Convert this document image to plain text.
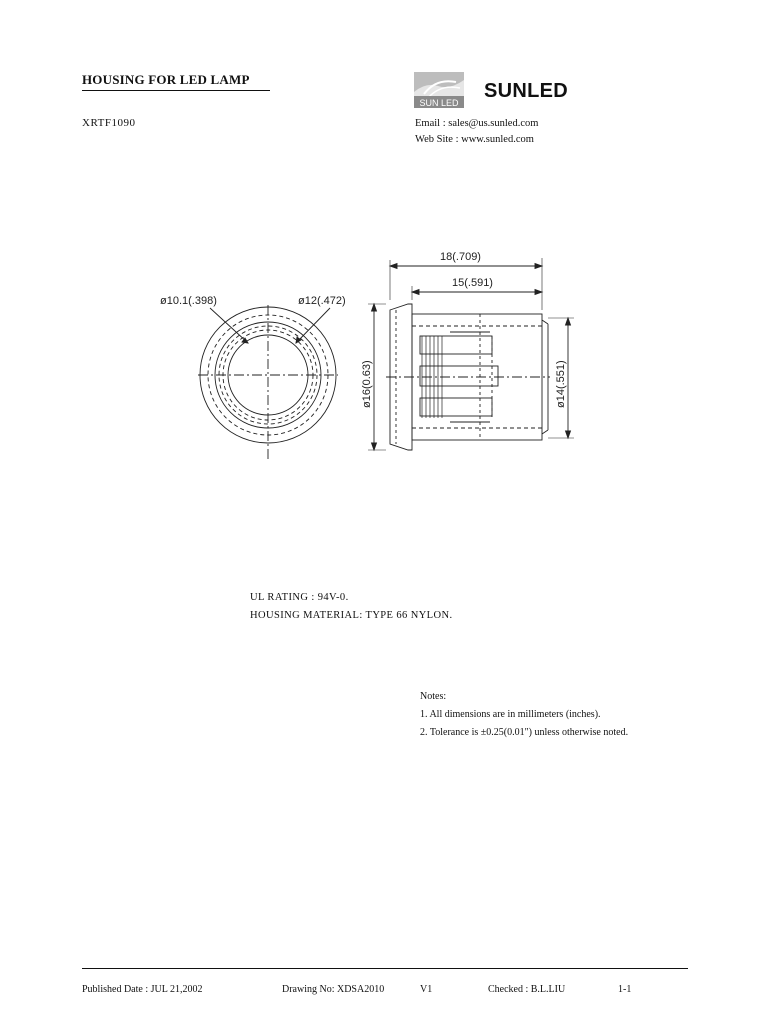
HOUSING FOR LED LAMP
XRTF1090
SUN LED
SUNLED
Email : sales@us.sunled.com
Web Site : www.sunled.com
ø10.1(.398)	ø12(.472)
18(.709)
15(.591)
ø16(0.63)	ø14(.551)
UL RATING : 94V-0.
HOUSING MATERIAL: TYPE 66 NYLON.
Notes:
1. All dimensions are in millimeters (inches).
2. Tolerance is ±0.25(0.01") unless otherwise noted.
Published Date : JUL 21,2002	Drawing No: XDSA2010	V1	Checked : B.L.LIU	1-1
